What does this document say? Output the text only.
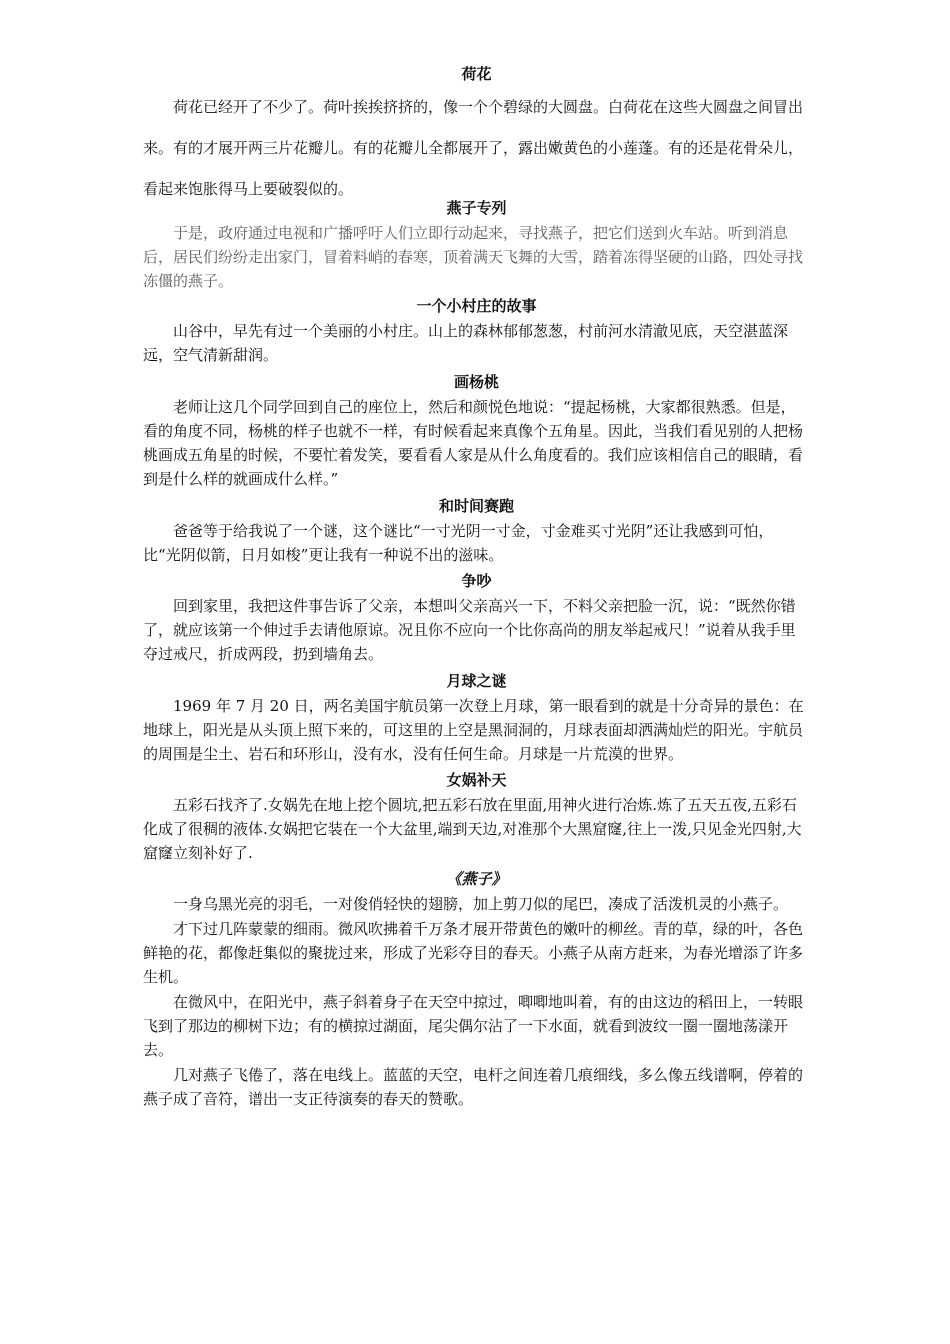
荷花

荷花已经开了不少了。荷叶挨挨挤挤的，像一个个碧绿的大圆盘。白荷花在这些大圆盘之间冒出来。有的才展开两三片花瓣儿。有的花瓣儿全都展开了，露出嫩黄色的小莲蓬。有的还是花骨朵儿，看起来饱胀得马上要破裂似的。

燕子专列

于是，政府通过电视和广播呼吁人们立即行动起来，寻找燕子，把它们送到火车站。听到消息后，居民们纷纷走出家门，冒着料峭的春寒，顶着满天飞舞的大雪，踏着冻得坚硬的山路，四处寻找冻僵的燕子。

一个小村庄的故事

山谷中，早先有过一个美丽的小村庄。山上的森林郁郁葱葱，村前河水清澈见底，天空湛蓝深远，空气清新甜润。

画杨桃

老师让这几个同学回到自己的座位上，然后和颜悦色地说：“提起杨桃，大家都很熟悉。但是，看的角度不同，杨桃的样子也就不一样，有时候看起来真像个五角星。因此，当我们看见别的人把杨桃画成五角星的时候，不要忙着发笑，要看看人家是从什么角度看的。我们应该相信自己的眼睛，看到是什么样的就画成什么样。”

和时间赛跑

爸爸等于给我说了一个谜，这个谜比“一寸光阴一寸金，寸金难买寸光阴”还让我感到可怕，比“光阴似箭，日月如梭”更让我有一种说不出的滋味。

争吵

回到家里，我把这件事告诉了父亲，本想叫父亲高兴一下，不料父亲把脸一沉，说：“既然你错了，就应该第一个伸过手去请他原谅。况且你不应向一个比你高尚的朋友举起戒尺！”说着从我手里夺过戒尺，折成两段，扔到墙角去。

月球之谜

1969 年 7 月 20 日，两名美国宇航员第一次登上月球，第一眼看到的就是十分奇异的景色：在地球上，阳光是从头顶上照下来的，可这里的上空是黑洞洞的，月球表面却洒满灿烂的阳光。宇航员的周围是尘土、岩石和环形山，没有水，没有任何生命。月球是一片荒漠的世界。

女娲补天

五彩石找齐了.女娲先在地上挖个圆坑,把五彩石放在里面,用神火进行冶炼.炼了五天五夜,五彩石化成了很稠的液体.女娲把它装在一个大盆里,端到天边,对准那个大黑窟窿,往上一泼,只见金光四射,大窟窿立刻补好了.

《燕子》

一身乌黑光亮的羽毛，一对俊俏轻快的翅膀，加上剪刀似的尾巴，凑成了活泼机灵的小燕子。

才下过几阵蒙蒙的细雨。微风吹拂着千万条才展开带黄色的嫩叶的柳丝。青的草，绿的叶，各色鲜艳的花，都像赶集似的聚拢过来，形成了光彩夺目的春天。小燕子从南方赶来，为春光增添了许多生机。

在微风中，在阳光中，燕子斜着身子在天空中掠过，唧唧地叫着，有的由这边的稻田上，一转眼飞到了那边的柳树下边；有的横掠过湖面，尾尖偶尔沾了一下水面，就看到波纹一圈一圈地荡漾开去。

几对燕子飞倦了，落在电线上。蓝蓝的天空，电杆之间连着几痕细线，多么像五线谱啊，停着的燕子成了音符，谱出一支正待演奏的春天的赞歌。
